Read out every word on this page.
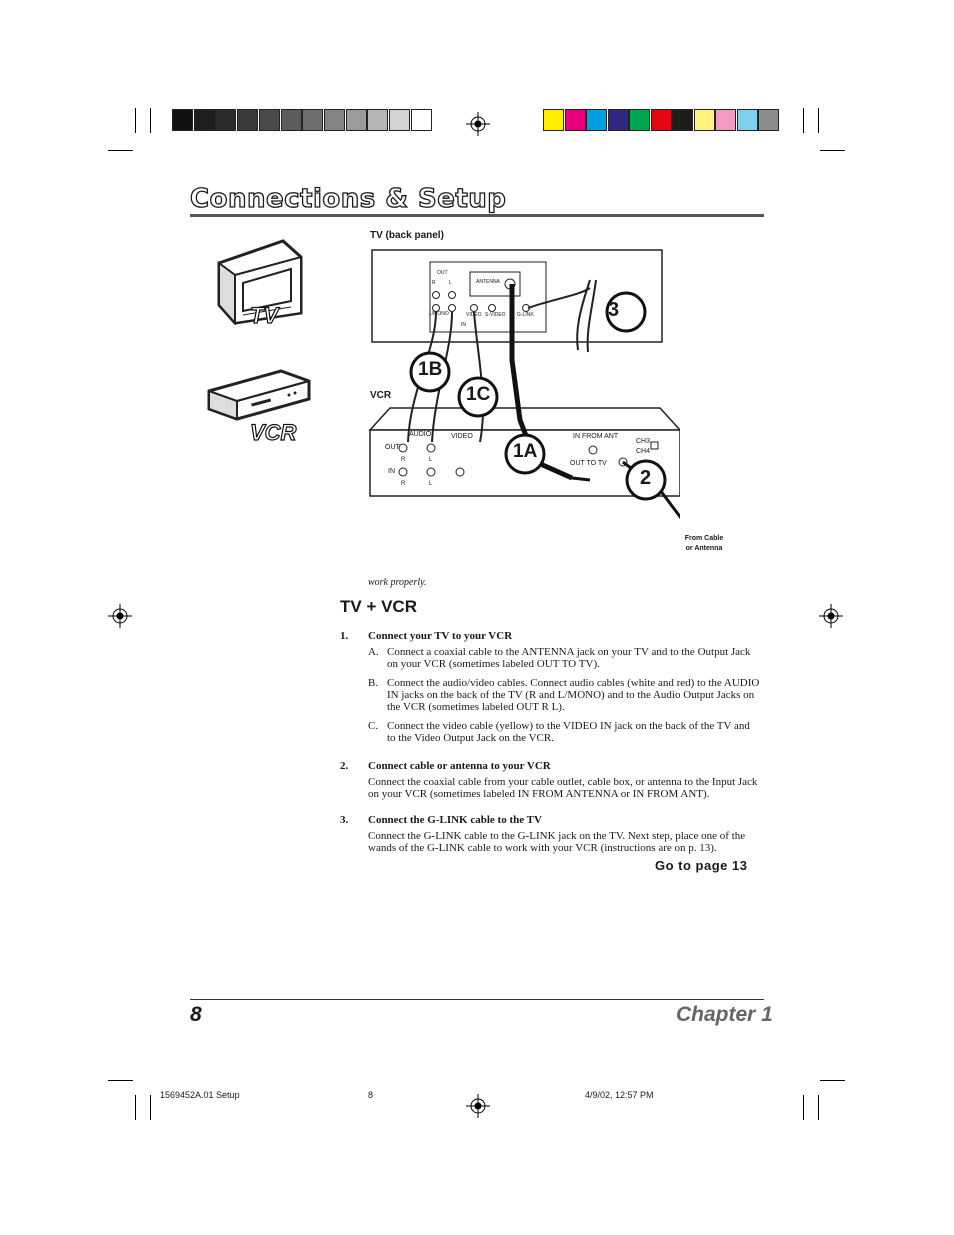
Connections & Setup
TV
VCR
TV (back panel)
VCR
OUT
R	L	ANTENNA
L/MONO	VIDEO S-VIDEO
IN
G-LINK
AUDIO	VIDEO
OUT
IN
R	L
R	L
IN FROM ANT
OUT TO TV
CH3
CH4
3
1B
1C
1A
2
From Cable
or Antenna
work properly.
TV + VCR
1. Connect your TV to your VCR
A. Connect a coaxial cable to the ANTENNA jack on your TV and to the Output Jack on your VCR (sometimes labeled OUT TO TV).
B. Connect the audio/video cables. Connect audio cables (white and red) to the AUDIO IN jacks on the back of the TV (R and L/MONO) and to the Audio Output Jacks on the VCR (sometimes labeled OUT R L).
C. Connect the video cable (yellow) to the VIDEO IN jack on the back of the TV and to the Video Output Jack on the VCR.
2. Connect cable or antenna to your VCR
Connect the coaxial cable from your cable outlet, cable box, or antenna to the Input Jack on your VCR (sometimes labeled IN FROM ANTENNA or IN FROM ANT).
3. Connect the G-LINK cable to the TV
Connect the G-LINK cable to the G-LINK jack on the TV. Next step, place one of the wands of the G-LINK cable to work with your VCR (instructions are on p. 13).
Go to page 13
8	Chapter 1
1569452A.01 Setup	8	4/9/02, 12:57 PM
